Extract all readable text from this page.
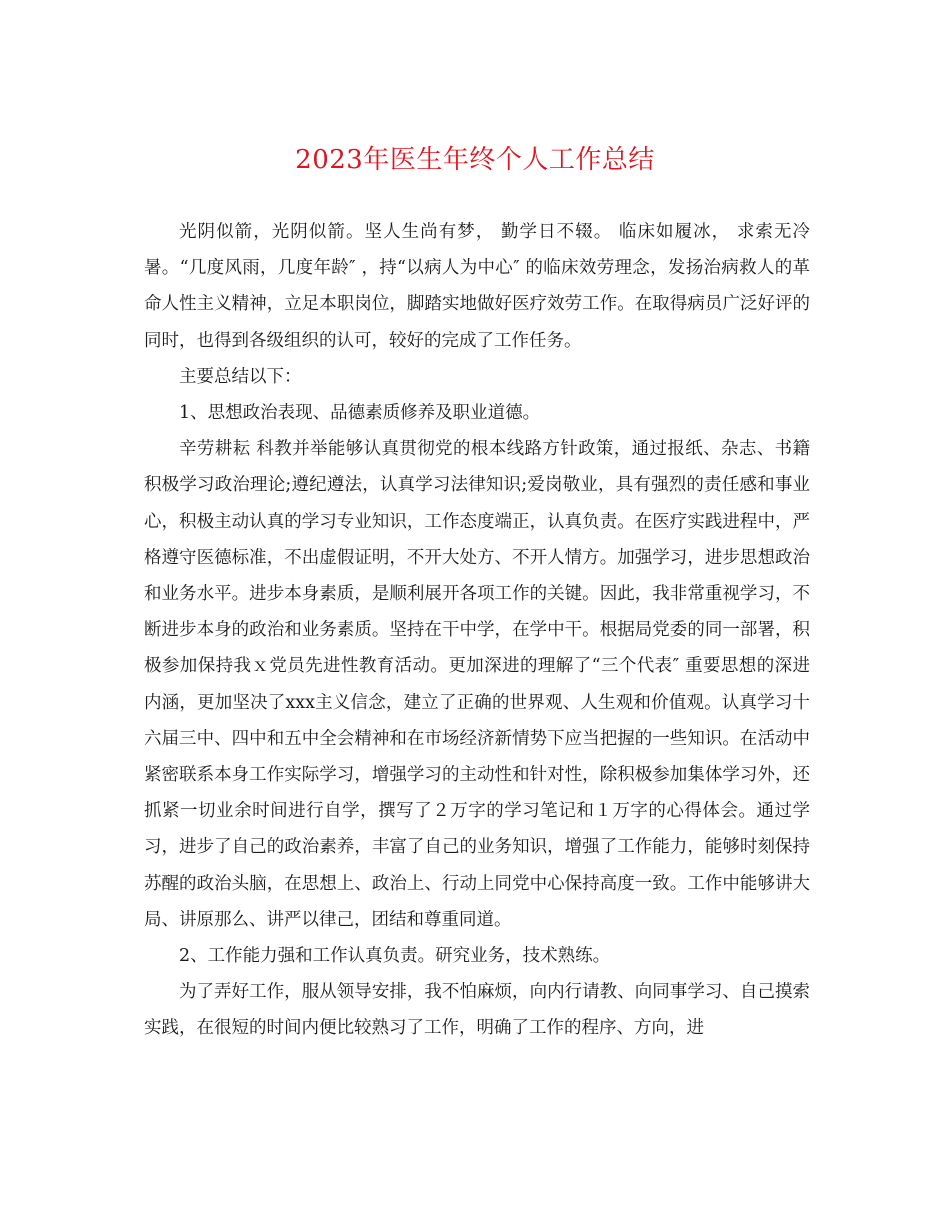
2023年医生年终个人工作总结

光阴似箭，光阴似箭。坚人生尚有梦， 勤学日不辍。 临床如履冰， 求索无冷暑。“几度风雨，几度年龄″ ，持“以病人为中心″ 的临床效劳理念，发扬治病救人的革命人性主义精神，立足本职岗位，脚踏实地做好医疗效劳工作。在取得病员广泛好评的同时，也得到各级组织的认可，较好的完成了工作任务。

主要总结以下：

1、思想政治表现、品德素质修养及职业道德。

辛劳耕耘 科教并举能够认真贯彻党的根本线路方针政策，通过报纸、杂志、书籍积极学习政治理论;遵纪遵法，认真学习法律知识;爱岗敬业，具有强烈的责任感和事业心，积极主动认真的学习专业知识，工作态度端正，认真负责。在医疗实践进程中，严格遵守医德标准，不出虚假证明，不开大处方、不开人情方。加强学习，进步思想政治和业务水平。进步本身素质，是顺利展开各项工作的关键。因此，我非常重视学习，不断进步本身的政治和业务素质。坚持在干中学，在学中干。根据局党委的同一部署，积极参加保持我ｘ党员先进性教育活动。更加深进的理解了“三个代表″ 重要思想的深进内涵，更加坚决了xxx主义信念，建立了正确的世界观、人生观和价值观。认真学习十六届三中、四中和五中全会精神和在市场经济新情势下应当把握的一些知识。在活动中紧密联系本身工作实际学习，增强学习的主动性和针对性，除积极参加集体学习外，还抓紧一切业余时间进行自学，撰写了２万字的学习笔记和１万字的心得体会。通过学习，进步了自己的政治素养，丰富了自己的业务知识，增强了工作能力，能够时刻保持苏醒的政治头脑，在思想上、政治上、行动上同党中心保持高度一致。工作中能够讲大局、讲原那么、讲严以律己，团结和尊重同道。

2、工作能力强和工作认真负责。研究业务，技术熟练。

为了弄好工作，服从领导安排，我不怕麻烦，向内行请教、向同事学习、自己摸索实践，在很短的时间内便比较熟习了工作，明确了工作的程序、方向，进
